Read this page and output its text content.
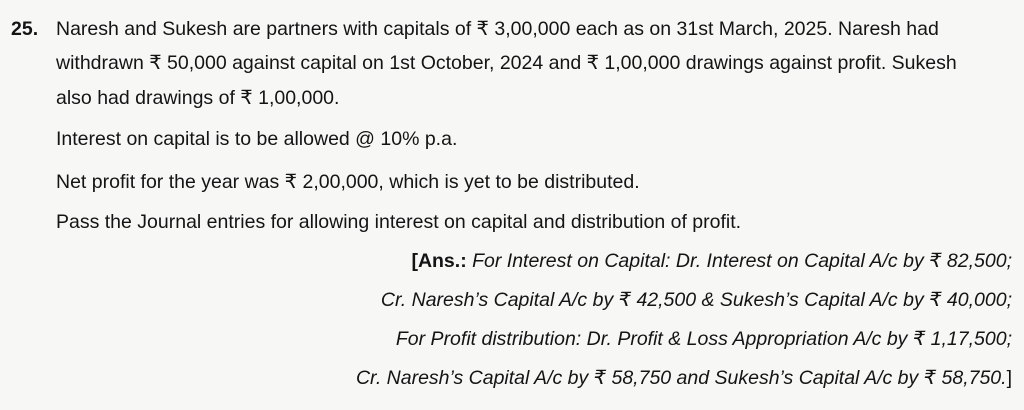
25. Naresh and Sukesh are partners with capitals of ₹ 3,00,000 each as on 31st March, 2025. Naresh had
withdrawn ₹ 50,000 against capital on 1st October, 2024 and ₹ 1,00,000 drawings against profit. Sukesh
also had drawings of ₹ 1,00,000.
Interest on capital is to be allowed @ 10% p.a.
Net profit for the year was ₹ 2,00,000, which is yet to be distributed.
Pass the Journal entries for allowing interest on capital and distribution of profit.
[Ans.: For Interest on Capital: Dr. Interest on Capital A/c by ₹ 82,500;
Cr. Naresh’s Capital A/c by ₹ 42,500 & Sukesh’s Capital A/c by ₹ 40,000;
For Profit distribution: Dr. Profit & Loss Appropriation A/c by ₹ 1,17,500;
Cr. Naresh’s Capital A/c by ₹ 58,750 and Sukesh’s Capital A/c by ₹ 58,750.]
